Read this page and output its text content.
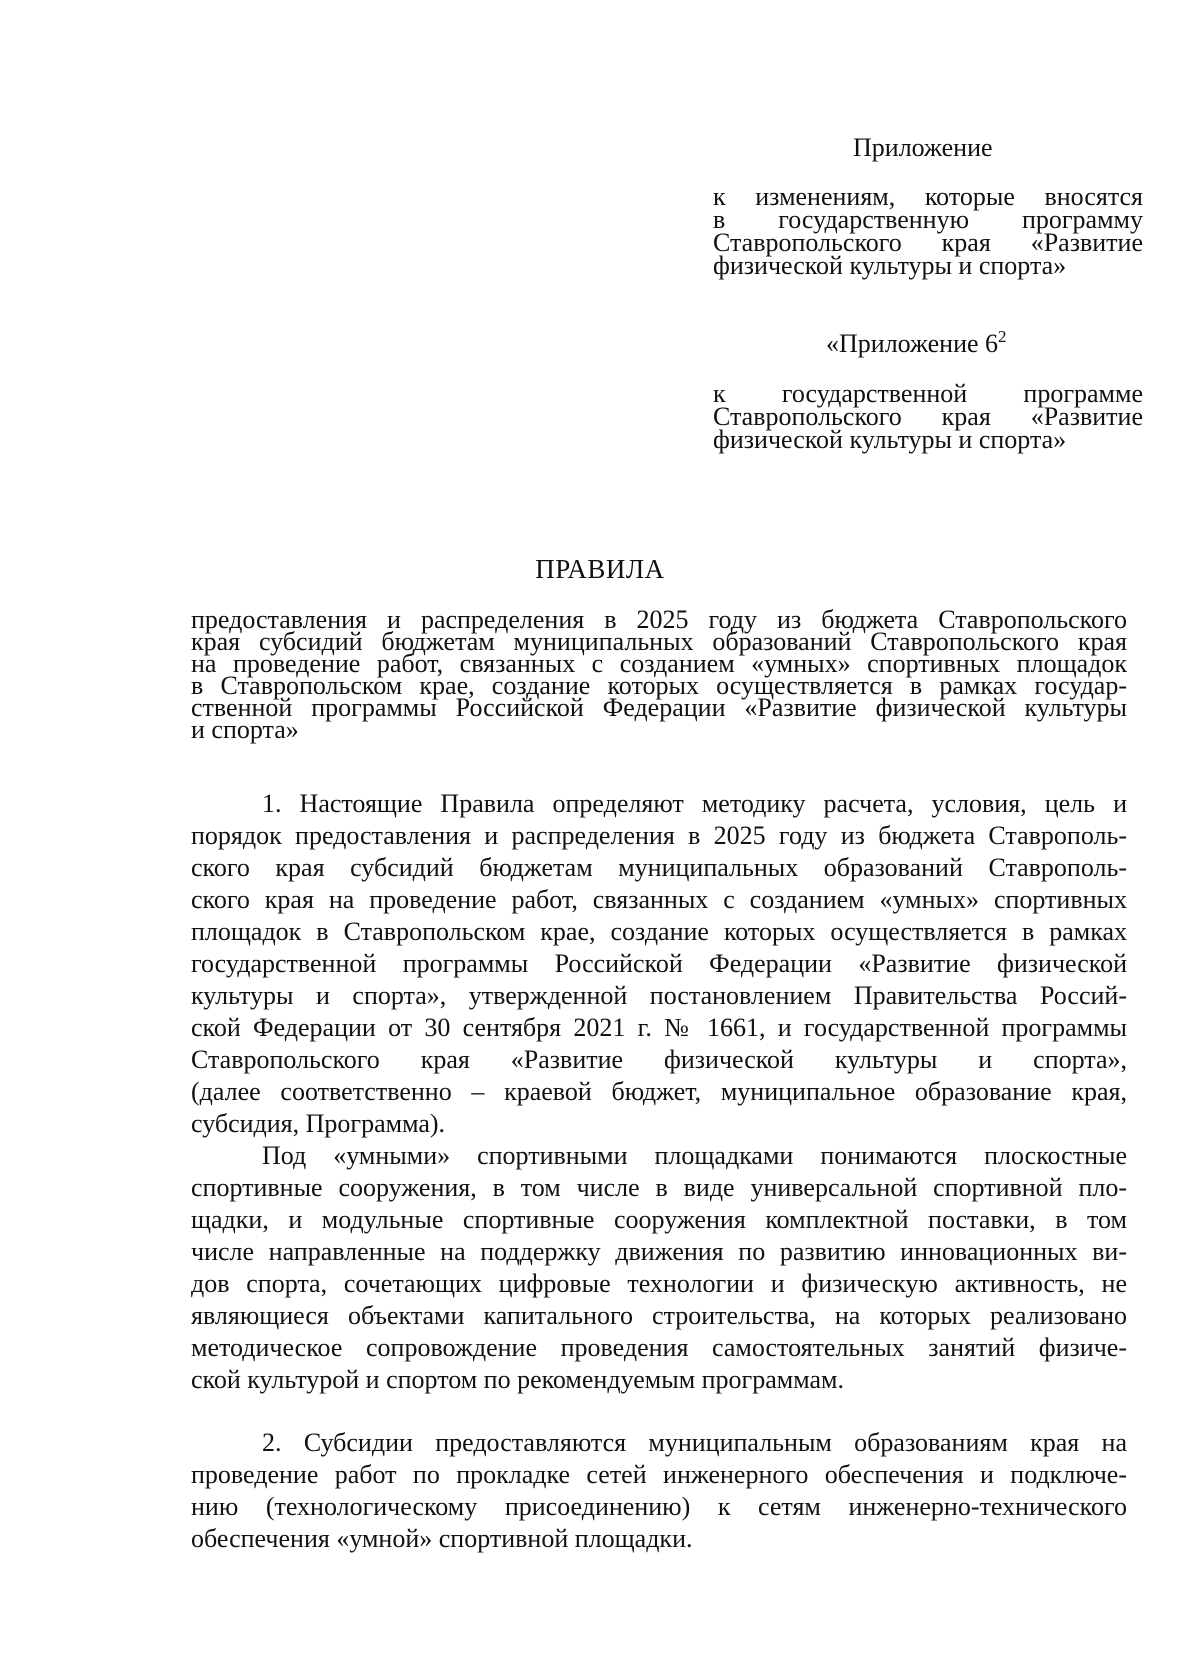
Приложение
к изменениям, которые вносятся
в государственную программу
Ставропольского края «Развитие
физической культуры и спорта»
«Приложение $6^2$
к государственной программе
Ставропольского края «Развитие
физической культуры и спорта»
ПРАВИЛА
предоставления и распределения в 2025 году из бюджета Ставропольского
края субсидий бюджетам муниципальных образований Ставропольского края
на проведение работ, связанных с созданием «умных» спортивных площадок
в Ставропольском крае, создание которых осуществляется в рамках государ-
ственной программы Российской Федерации «Развитие физической культуры
и спорта»
1. Настоящие Правила определяют методику расчета, условия, цель и
порядок предоставления и распределения в 2025 году из бюджета Ставрополь-
ского края субсидий бюджетам муниципальных образований Ставрополь-
ского края на проведение работ, связанных с созданием «умных» спортивных
площадок в Ставропольском крае, создание которых осуществляется в рамках
государственной программы Российской Федерации «Развитие физической
культуры и спорта», утвержденной постановлением Правительства Россий-
ской Федерации от 30 сентября 2021 г. № 1661, и государственной программы
Ставропольского края «Развитие физической культуры и спорта»,
(далее соответственно – краевой бюджет, муниципальное образование края,
субсидия, Программа).
Под «умными» спортивными площадками понимаются плоскостные
спортивные сооружения, в том числе в виде универсальной спортивной пло-
щадки, и модульные спортивные сооружения комплектной поставки, в том
числе направленные на поддержку движения по развитию инновационных ви-
дов спорта, сочетающих цифровые технологии и физическую активность, не
являющиеся объектами капитального строительства, на которых реализовано
методическое сопровождение проведения самостоятельных занятий физиче-
ской культурой и спортом по рекомендуемым программам.
2. Субсидии предоставляются муниципальным образованиям края на
проведение работ по прокладке сетей инженерного обеспечения и подключе-
нию (технологическому присоединению) к сетям инженерно-технического
обеспечения «умной» спортивной площадки.
